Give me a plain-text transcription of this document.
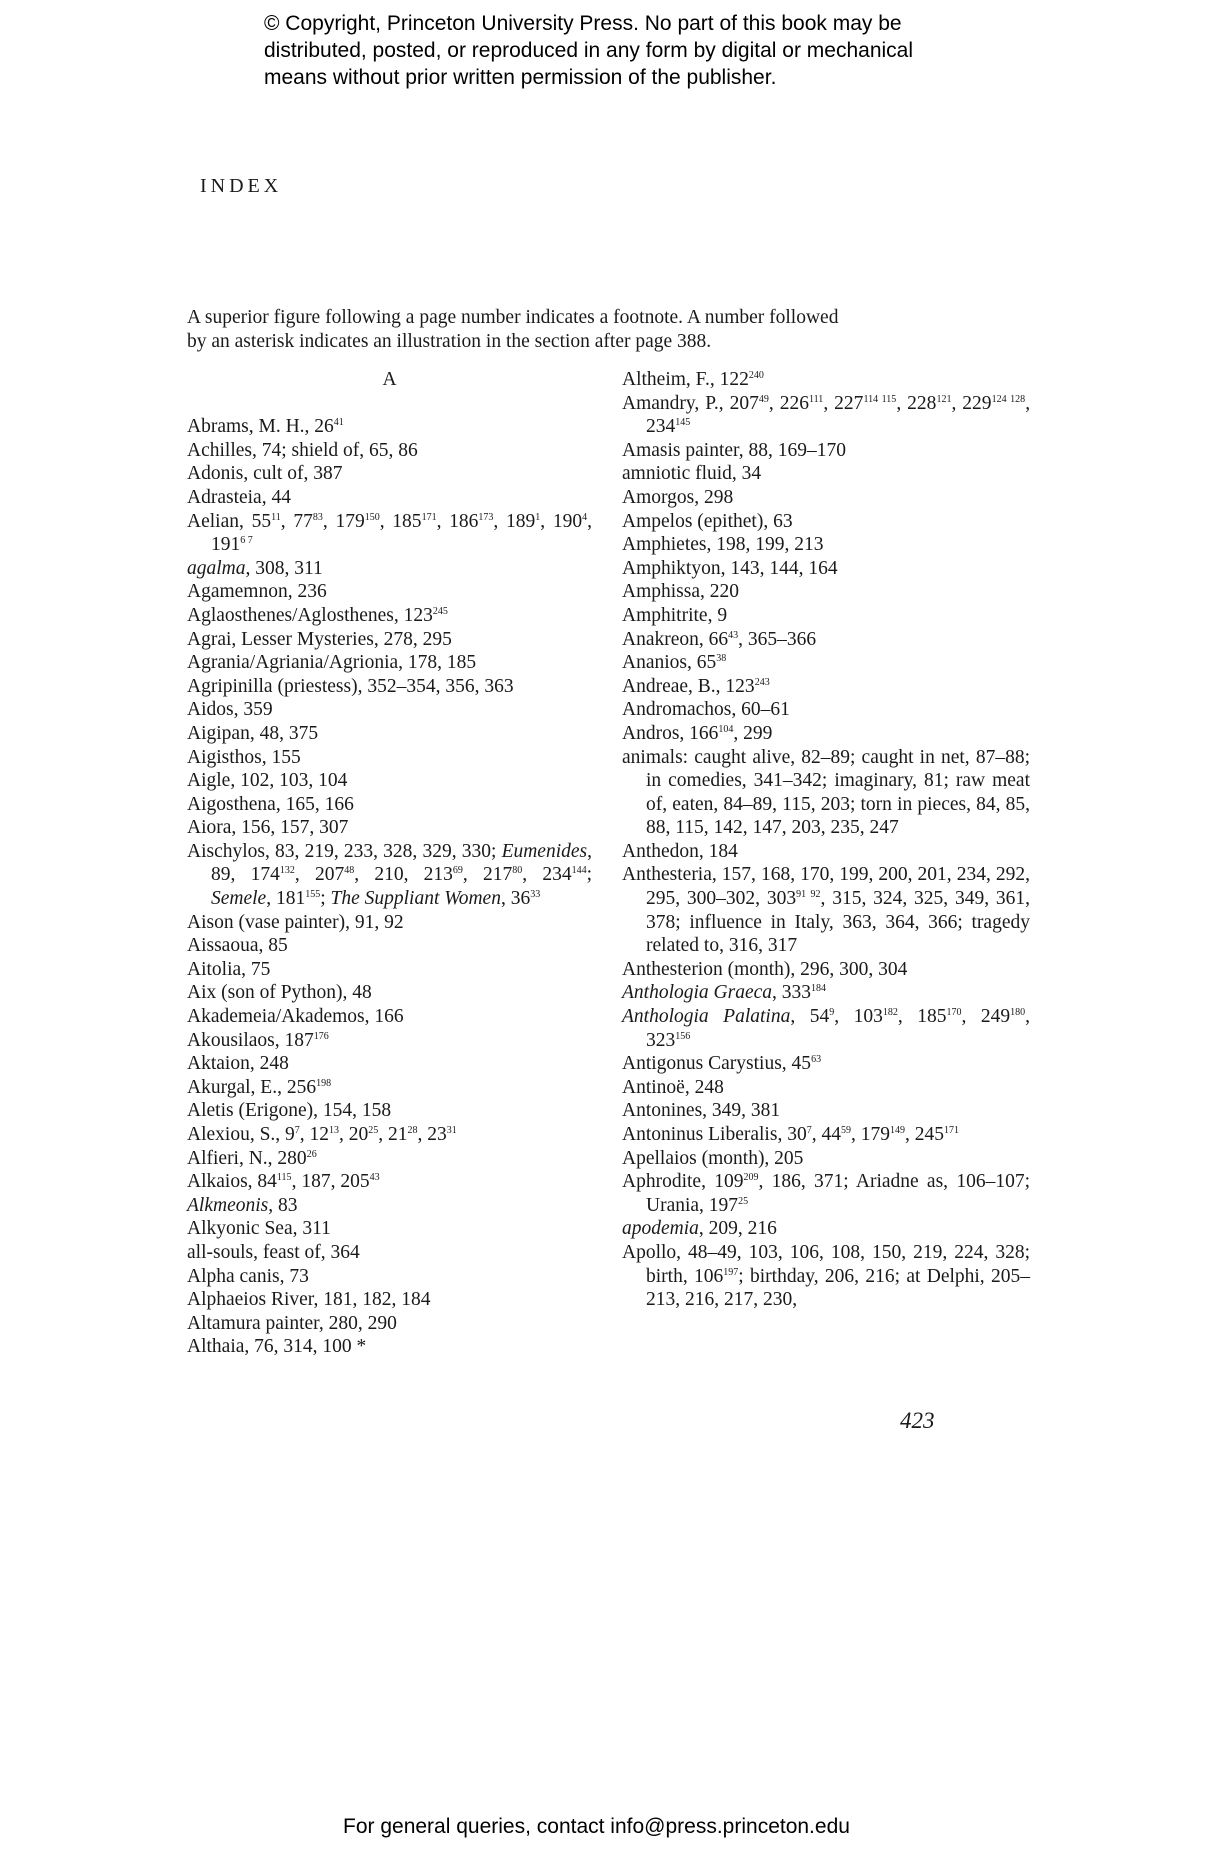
© Copyright, Princeton University Press. No part of this book may be
distributed, posted, or reproduced in any form by digital or mechanical
means without prior written permission of the publisher.
INDEX
A superior figure following a page number indicates a footnote. A number followed
by an asterisk indicates an illustration in the section after page 388.
A
Abrams, M. H., $26^{41}$
Achilles, 74; shield of, 65, 86
Adonis, cult of, 387
Adrasteia, 44
Aelian, $55^{11}$, $77^{83}$, $179^{150}$, $185^{171}$, $186^{173}$, $189^1$, $190^4$, $191^{6 7}$
agalma, 308, 311
Agamemnon, 236
Aglaosthenes/Aglosthenes, $123^{245}$
Agrai, Lesser Mysteries, 278, 295
Agrania/Agriania/Agrionia, 178, 185
Agripinilla (priestess), 352–354, 356, 363
Aidos, 359
Aigipan, 48, 375
Aigisthos, 155
Aigle, 102, 103, 104
Aigosthena, 165, 166
Aiora, 156, 157, 307
Aischylos, 83, 219, 233, 328, 329, 330; Eumenides, 89, $174^{132}$, $207^{48}$, 210, $213^{69}$, $217^{80}$, $234^{144}$; Semele, $181^{155}$; The Suppliant Women, $36^{33}$
Aison (vase painter), 91, 92
Aissaoua, 85
Aitolia, 75
Aix (son of Python), 48
Akademeia/Akademos, 166
Akousilaos, $187^{176}$
Aktaion, 248
Akurgal, E., $256^{198}$
Aletis (Erigone), 154, 158
Alexiou, S., $9^7$, $12^{13}$, $20^{25}$, $21^{28}$, $23^{31}$
Alfieri, N., $280^{26}$
Alkaios, $84^{115}$, 187, $205^{43}$
Alkmeonis, 83
Alkyonic Sea, 311
all-souls, feast of, 364
Alpha canis, 73
Alphaeios River, 181, 182, 184
Altamura painter, 280, 290
Althaia, 76, 314, 100 *
Altheim, F., $122^{240}$
Amandry, P., $207^{49}$, $226^{111}$, $227^{114 115}$, $228^{121}$, $229^{124 128}$, $234^{145}$
Amasis painter, 88, 169–170
amniotic fluid, 34
Amorgos, 298
Ampelos (epithet), 63
Amphietes, 198, 199, 213
Amphiktyon, 143, 144, 164
Amphissa, 220
Amphitrite, 9
Anakreon, $66^{43}$, 365–366
Ananios, $65^{38}$
Andreae, B., $123^{243}$
Andromachos, 60–61
Andros, $166^{104}$, 299
animals: caught alive, 82–89; caught in net, 87–88; in comedies, 341–342; imaginary, 81; raw meat of, eaten, 84–89, 115, 203; torn in pieces, 84, 85, 88, 115, 142, 147, 203, 235, 247
Anthedon, 184
Anthesteria, 157, 168, 170, 199, 200, 201, 234, 292, 295, 300–302, $303^{91 92}$, 315, 324, 325, 349, 361, 378; influence in Italy, 363, 364, 366; tragedy related to, 316, 317
Anthesterion (month), 296, 300, 304
Anthologia Graeca, $333^{184}$
Anthologia Palatina, $54^9$, $103^{182}$, $185^{170}$, $249^{180}$, $323^{156}$
Antigonus Carystius, $45^{63}$
Antinoë, 248
Antonines, 349, 381
Antoninus Liberalis, $30^7$, $44^{59}$, $179^{149}$, $245^{171}$
Apellaios (month), 205
Aphrodite, $109^{209}$, 186, 371; Ariadne as, 106–107; Urania, $197^{25}$
apodemia, 209, 216
Apollo, 48–49, 103, 106, 108, 150, 219, 224, 328; birth, $106^{197}$; birthday, 206, 216; at Delphi, 205–213, 216, 217, 230,
423
For general queries, contact info@press.princeton.edu
